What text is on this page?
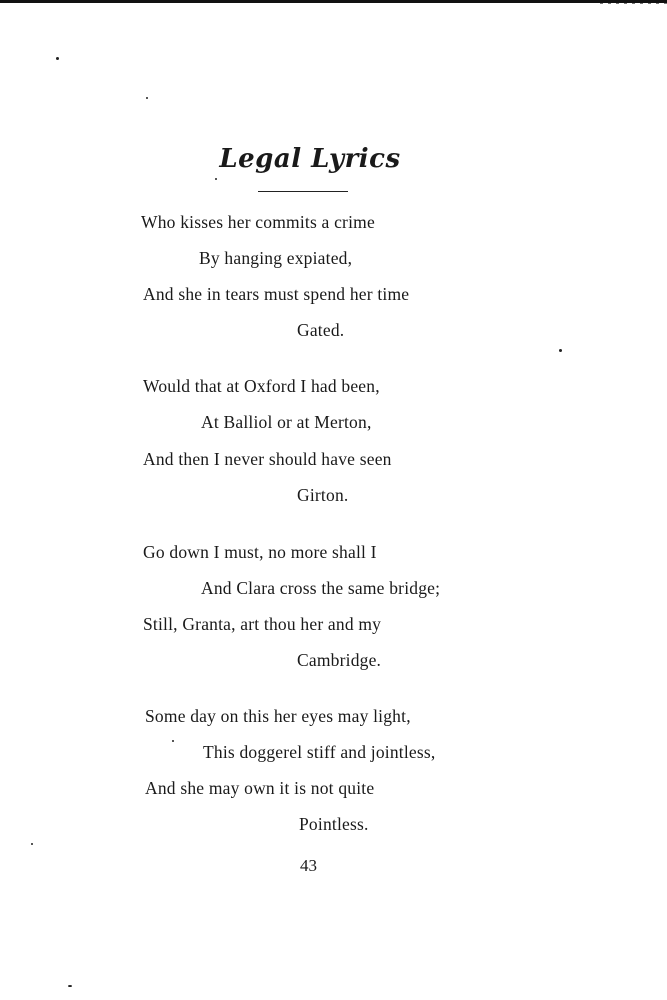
Legal Lyrics

Who kisses her commits a crime

By hanging expiated,

And she in tears must spend her time

Gated.

Would that at Oxford I had been,

At Balliol or at Merton,

And then I never should have seen

Girton.

Go down I must, no more shall I

And Clara cross the same bridge;

Still, Granta, art thou her and my

Cambridge.

Some day on this her eyes may light,

This doggerel stiff and jointless,

And she may own it is not quite

Pointless.

43
